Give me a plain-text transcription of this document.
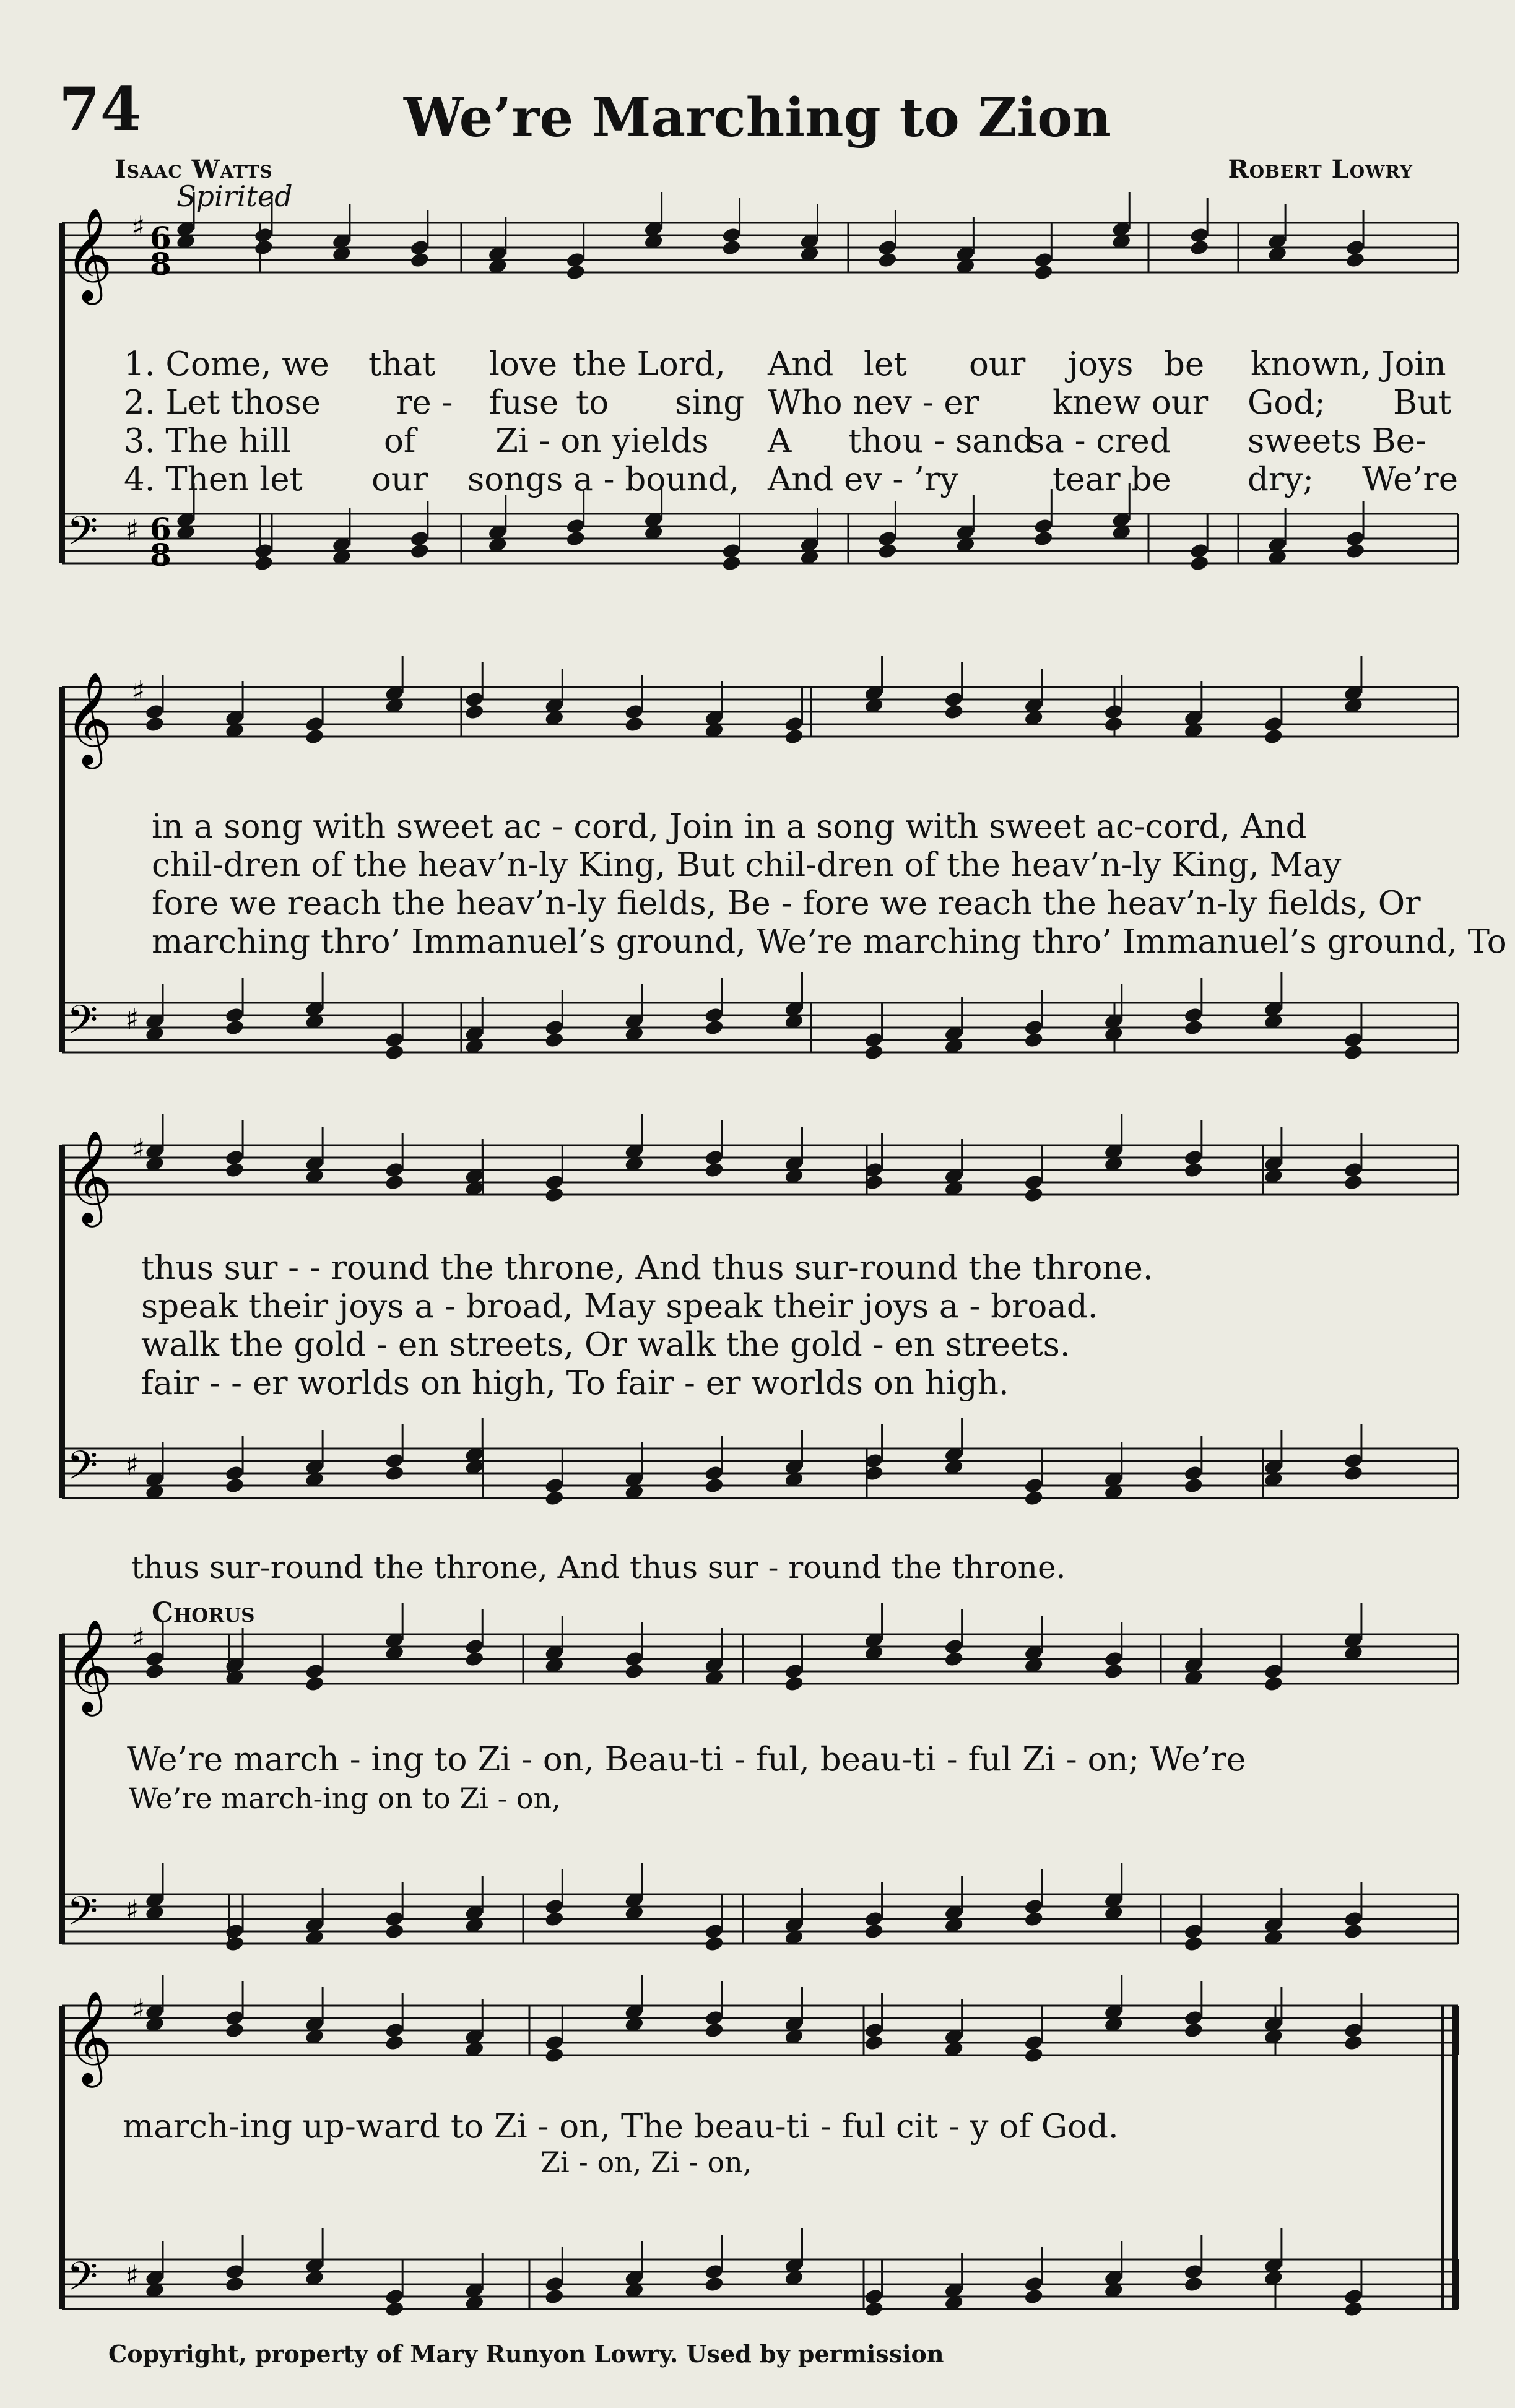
74	We’re Marching to Zion
Isaac Watts	Robert Lowry
Spirited
𝄞 ♯ 6
8
𝄢 ♯ 6
8
𝄞 ♯
𝄢 ♯
𝄞 ♯
𝄢 ♯
𝄞 ♯
𝄢 ♯
𝄞 ♯
𝄢 ♯
1. Come, we that love the Lord, And let our joys be known, Join
2. Let those re - fuse to sing Who nev - er knew our God; But
3. The hill	of Zi - on yields A thou - sand
sa - cred sweets Be-
4. Then let our songs a - bound, And ev - ’ry	tear be dry; We’re
in a song with sweet ac - cord, Join in a song with sweet ac-cord, And
chil-dren of the heav’n-ly King, But chil-dren of the heav’n-ly King, May
fore we reach the heav’n-ly fields, Be - fore we reach the heav’n-ly fields, Or
marching thro’ Immanuel’s ground, We’re marching thro’ Immanuel’s ground, To
thus sur - - round the throne, And thus sur-round the throne.
speak their joys a - broad, May speak their joys a - broad.
walk the gold - en streets, Or walk the gold - en streets.
fair - - er worlds on high, To fair - er worlds on high.
thus sur-round the throne, And thus sur - round the throne.
Chorus
We’re march - ing to Zi - on, Beau-ti - ful, beau-ti - ful Zi - on; We’re
We’re march-ing on to Zi - on,
march-ing up-ward to Zi - on, The beau-ti - ful cit - y of God.
Zi - on, Zi - on,
Copyright, property of Mary Runyon Lowry. Used by permission
